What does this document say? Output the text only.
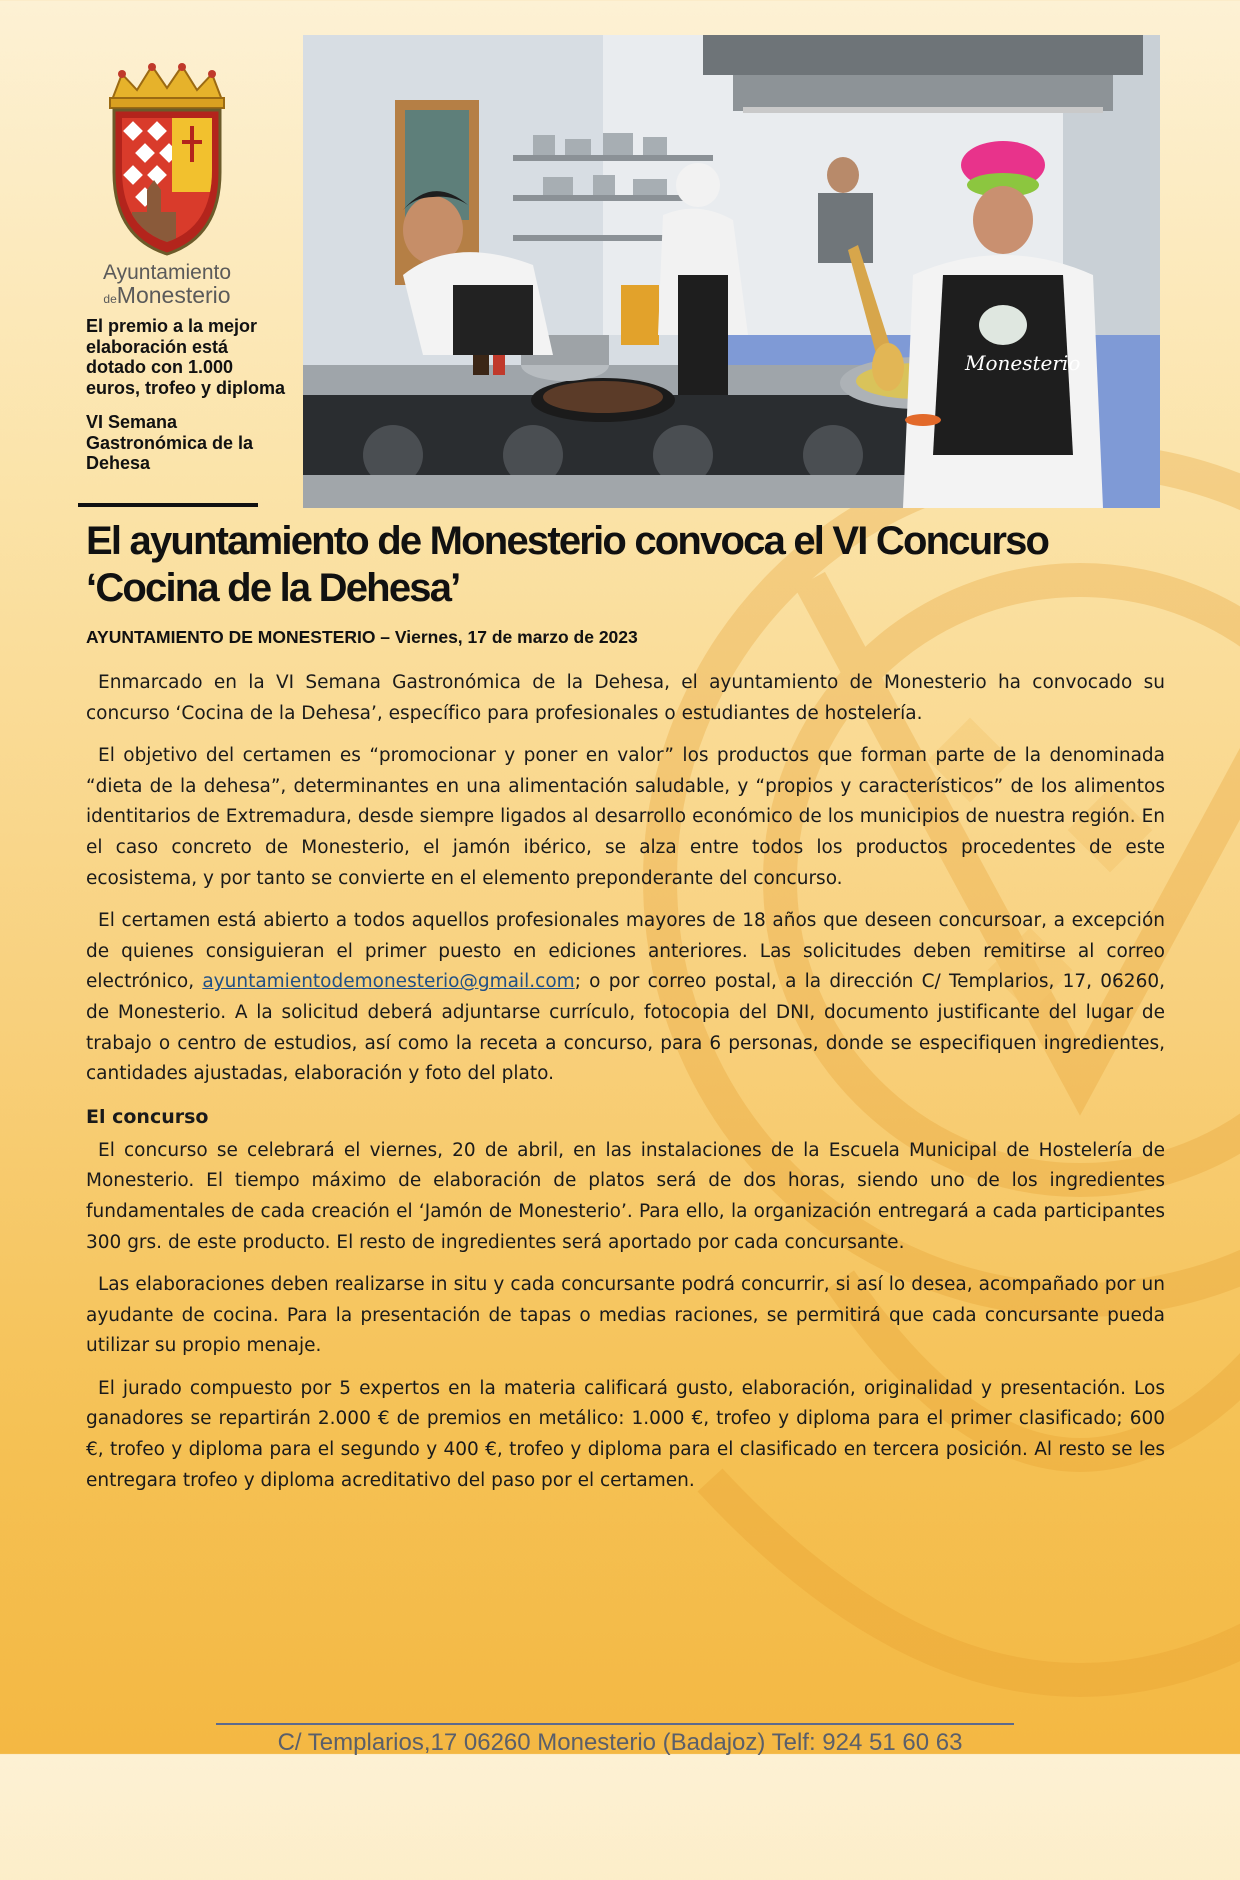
Ayuntamiento
deMonesterio
El premio a la mejor elaboración está dotado con 1.000 euros, trofeo y diploma
VI Semana Gastronómica de la Dehesa
Monesterio
El ayuntamiento de Monesterio convoca el VI Concurso ‘Cocina de la Dehesa’
AYUNTAMIENTO DE MONESTERIO – Viernes, 17 de marzo de 2023

Enmarcado en la VI Semana Gastronómica de la Dehesa, el ayuntamiento de Monesterio ha convocado su concurso ‘Cocina de la Dehesa’, específico para profesionales o estudiantes de hostelería.

El objetivo del certamen es “promocionar y poner en valor” los productos que forman parte de la denominada “dieta de la dehesa”, determinantes en una alimentación saludable, y “propios y característicos” de los alimentos identitarios de Extremadura, desde siempre ligados al desarrollo económico de los municipios de nuestra región. En el caso concreto de Monesterio, el jamón ibérico, se alza entre todos los productos procedentes de este ecosistema, y por tanto se convierte en el elemento preponderante del concurso.

El certamen está abierto a todos aquellos profesionales mayores de 18 años que deseen concursoar, a excepción de quienes consiguieran el primer puesto en ediciones anteriores. Las solicitudes deben remitirse al correo electrónico, ayuntamientodemonesterio@gmail.com; o por correo postal, a la dirección C/ Templarios, 17, 06260, de Monesterio. A la solicitud deberá adjuntarse currículo, fotocopia del DNI, documento justificante del lugar de trabajo o centro de estudios, así como la receta a concurso, para 6 personas, donde se especifiquen ingredientes, cantidades ajustadas, elaboración y foto del plato.

El concurso

El concurso se celebrará el viernes, 20 de abril, en las instalaciones de la Escuela Municipal de Hostelería de Monesterio. El tiempo máximo de elaboración de platos será de dos horas, siendo uno de los ingredientes fundamentales de cada creación el ‘Jamón de Monesterio’. Para ello, la organización entregará a cada participantes 300 grs. de este producto. El resto de ingredientes será aportado por cada concursante.

Las elaboraciones deben realizarse in situ y cada concursante podrá concurrir, si así lo desea, acompañado por un ayudante de cocina. Para la presentación de tapas o medias raciones, se permitirá que cada concursante pueda utilizar su propio menaje.

El jurado compuesto por 5 expertos en la materia calificará gusto, elaboración, originalidad y presentación. Los ganadores se repartirán 2.000 € de premios en metálico: 1.000 €, trofeo y diploma para el primer clasificado; 600 €, trofeo y diploma para el segundo y 400 €, trofeo y diploma para el clasificado en tercera posición. Al resto se les entregara trofeo y diploma acreditativo del paso por el certamen.

C/ Templarios,17 06260 Monesterio (Badajoz) Telf: 924 51 60 63
